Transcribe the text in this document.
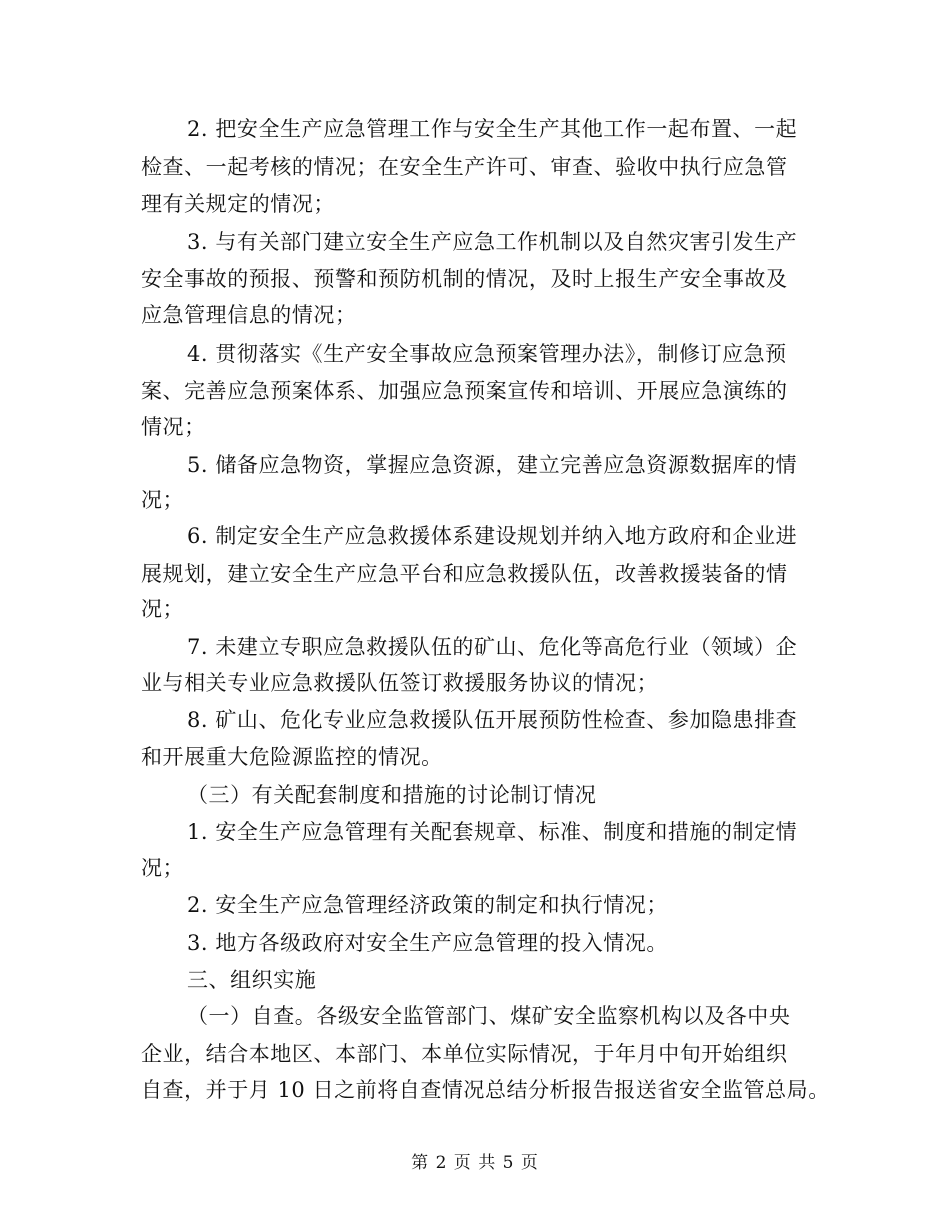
2. 把安全生产应急管理工作与安全生产其他工作一起布置、一起
检查、一起考核的情况；在安全生产许可、审查、验收中执行应急管
理有关规定的情况；
3. 与有关部门建立安全生产应急工作机制以及自然灾害引发生产
安全事故的预报、预警和预防机制的情况，及时上报生产安全事故及
应急管理信息的情况；
4. 贯彻落实《生产安全事故应急预案管理办法》，制修订应急预
案、完善应急预案体系、加强应急预案宣传和培训、开展应急演练的
情况；
5. 储备应急物资，掌握应急资源，建立完善应急资源数据库的情
况；
6. 制定安全生产应急救援体系建设规划并纳入地方政府和企业进
展规划，建立安全生产应急平台和应急救援队伍，改善救援装备的情
况；
7. 未建立专职应急救援队伍的矿山、危化等高危行业（领域）企
业与相关专业应急救援队伍签订救援服务协议的情况；
8. 矿山、危化专业应急救援队伍开展预防性检查、参加隐患排查
和开展重大危险源监控的情况。
（三）有关配套制度和措施的讨论制订情况
1. 安全生产应急管理有关配套规章、标准、制度和措施的制定情
况；
2. 安全生产应急管理经济政策的制定和执行情况；
3. 地方各级政府对安全生产应急管理的投入情况。
三、组织实施
（一）自查。各级安全监管部门、煤矿安全监察机构以及各中央
企业，结合本地区、本部门、本单位实际情况，于年月中旬开始组织
自查，并于月 10 日之前将自查情况总结分析报告报送省安全监管总局。
第 2 页 共 5 页
